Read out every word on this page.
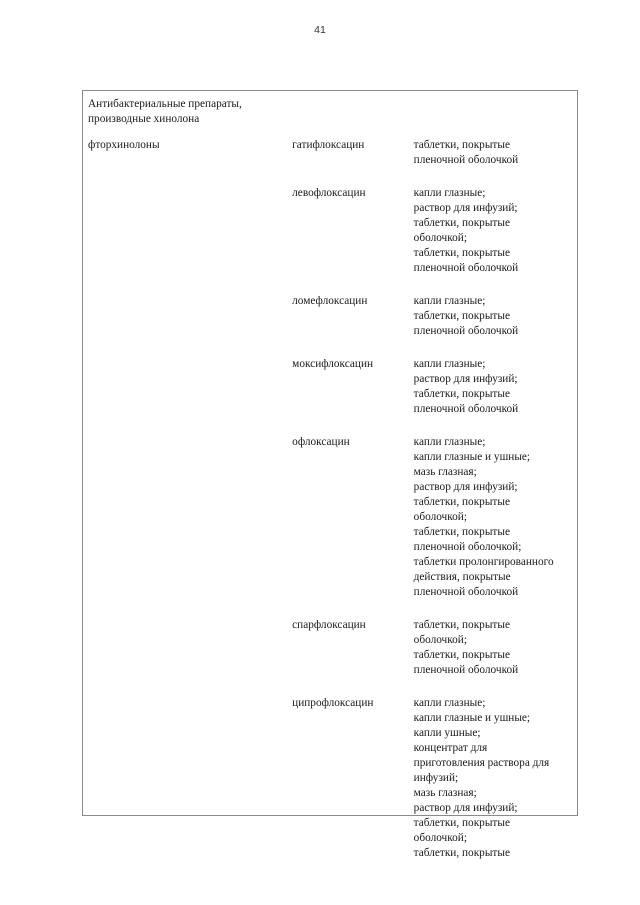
41
Антибактериальные препараты,
производные хинолона
фторхинолоны	гатифлоксацин	таблетки, покрытые
пленочной оболочкой
левофлоксацин	капли глазные;
раствор для инфузий;
таблетки, покрытые
оболочкой;
таблетки, покрытые
пленочной оболочкой
ломефлоксацин	капли глазные;
таблетки, покрытые
пленочной оболочкой
моксифлоксацин	капли глазные;
раствор для инфузий;
таблетки, покрытые
пленочной оболочкой
офлоксацин	капли глазные;
капли глазные и ушные;
мазь глазная;
раствор для инфузий;
таблетки, покрытые
оболочкой;
таблетки, покрытые
пленочной оболочкой;
таблетки пролонгированного
действия, покрытые
пленочной оболочкой
спарфлоксацин	таблетки, покрытые
оболочкой;
таблетки, покрытые
пленочной оболочкой
ципрофлоксацин	капли глазные;
капли глазные и ушные;
капли ушные;
концентрат для
приготовления раствора для
инфузий;
мазь глазная;
раствор для инфузий;
таблетки, покрытые
оболочкой;
таблетки, покрытые
